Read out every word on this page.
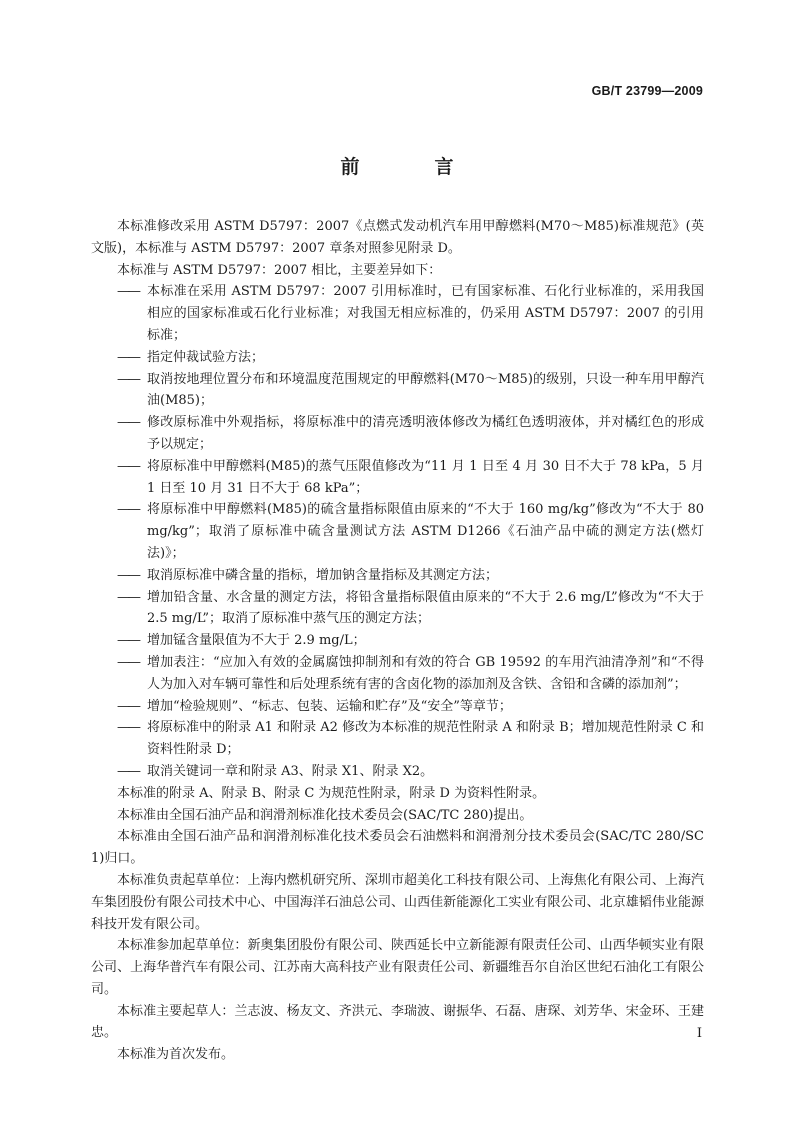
GB/T 23799—2009
前　言

本标准修改采用 ASTM D5797：2007《点燃式发动机汽车用甲醇燃料(M70～M85)标准规范》(英文版)，本标准与 ASTM D5797：2007 章条对照参见附录 D。

本标准与 ASTM D5797：2007 相比，主要差异如下：

—— 本标准在采用 ASTM D5797：2007 引用标准时，已有国家标准、石化行业标准的，采用我国相应的国家标准或石化行业标准；对我国无相应标准的，仍采用 ASTM D5797：2007 的引用标准；

—— 指定仲裁试验方法；

—— 取消按地理位置分布和环境温度范围规定的甲醇燃料(M70～M85)的级别，只设一种车用甲醇汽油(M85)；

—— 修改原标准中外观指标，将原标准中的清亮透明液体修改为橘红色透明液体，并对橘红色的形成予以规定；

—— 将原标准中甲醇燃料(M85)的蒸气压限值修改为“11 月 1 日至 4 月 30 日不大于 78 kPa，5 月 1 日至 10 月 31 日不大于 68 kPa”；

—— 将原标准中甲醇燃料(M85)的硫含量指标限值由原来的“不大于 160 mg/kg”修改为“不大于 80 mg/kg”；取消了原标准中硫含量测试方法 ASTM D1266《石油产品中硫的测定方法(燃灯法)》；

—— 取消原标准中磷含量的指标，增加钠含量指标及其测定方法；

—— 增加铅含量、水含量的测定方法，将铅含量指标限值由原来的“不大于 2.6 mg/L”修改为“不大于 2.5 mg/L”；取消了原标准中蒸气压的测定方法；

—— 增加锰含量限值为不大于 2.9 mg/L；

—— 增加表注：“应加入有效的金属腐蚀抑制剂和有效的符合 GB 19592 的车用汽油清净剂”和“不得人为加入对车辆可靠性和后处理系统有害的含卤化物的添加剂及含铁、含铅和含磷的添加剂”；

—— 增加“检验规则”、“标志、包装、运输和贮存”及“安全”等章节；

—— 将原标准中的附录 A1 和附录 A2 修改为本标准的规范性附录 A 和附录 B；增加规范性附录 C 和资料性附录 D；

—— 取消关键词一章和附录 A3、附录 X1、附录 X2。

本标准的附录 A、附录 B、附录 C 为规范性附录，附录 D 为资料性附录。

本标准由全国石油产品和润滑剂标准化技术委员会(SAC/TC 280)提出。

本标准由全国石油产品和润滑剂标准化技术委员会石油燃料和润滑剂分技术委员会(SAC/TC 280/SC 1)归口。

本标准负责起草单位：上海内燃机研究所、深圳市超美化工科技有限公司、上海焦化有限公司、上海汽车集团股份有限公司技术中心、中国海洋石油总公司、山西佳新能源化工实业有限公司、北京雄韬伟业能源科技开发有限公司。

本标准参加起草单位：新奥集团股份有限公司、陕西延长中立新能源有限责任公司、山西华顿实业有限公司、上海华普汽车有限公司、江苏南大高科技产业有限责任公司、新疆维吾尔自治区世纪石油化工有限公司。

本标准主要起草人：兰志波、杨友文、齐洪元、李瑞波、谢振华、石磊、唐琛、刘芳华、宋金环、王建忠。

本标准为首次发布。

I
